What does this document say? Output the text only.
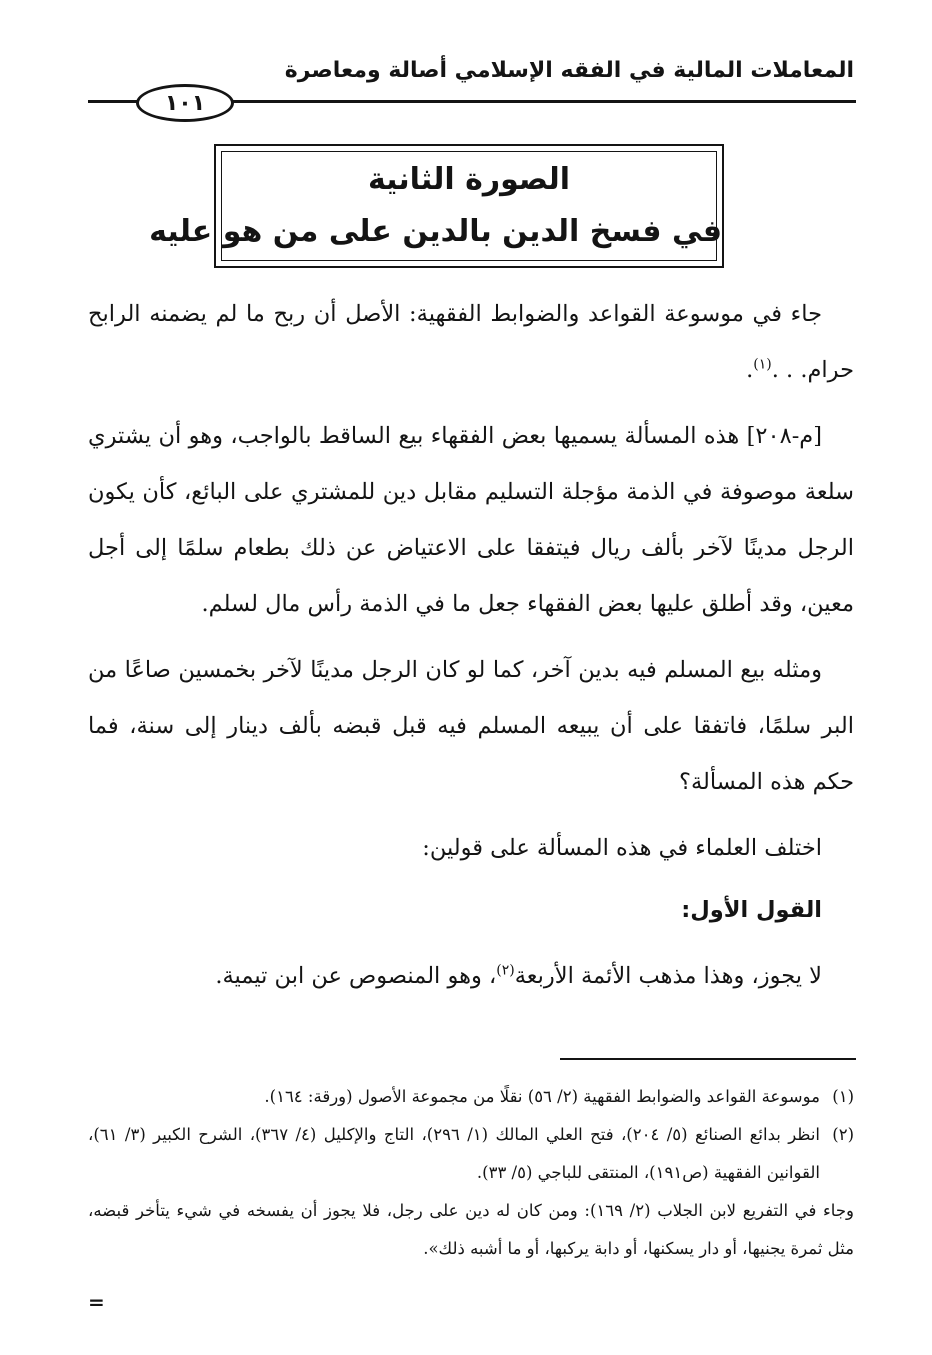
المعاملات المالية في الفقه الإسلامي أصالة ومعاصرة
١٠١
الصورة الثانية
في فسخ الدين بالدين على من هو عليه

جاء في موسوعة القواعد والضوابط الفقهية: الأصل أن ربح ما لم يضمنه الرابح حرام. . .$^{(١)}$.

[م-٢٠٨] هذه المسألة يسميها بعض الفقهاء بيع الساقط بالواجب، وهو أن يشتري سلعة موصوفة في الذمة مؤجلة التسليم مقابل دين للمشتري على البائع، كأن يكون الرجل مدينًا لآخر بألف ريال فيتفقا على الاعتياض عن ذلك بطعام سلمًا إلى أجل معين، وقد أطلق عليها بعض الفقهاء جعل ما في الذمة رأس مال لسلم.

ومثله بيع المسلم فيه بدين آخر، كما لو كان الرجل مدينًا لآخر بخمسين صاعًا من البر سلمًا، فاتفقا على أن يبيعه المسلم فيه قبل قبضه بألف دينار إلى سنة، فما حكم هذه المسألة؟

اختلف العلماء في هذه المسألة على قولين:

القول الأول:

لا يجوز، وهذا مذهب الأئمة الأربعة$^{(٢)}$، وهو المنصوص عن ابن تيمية.

(١)موسوعة القواعد والضوابط الفقهية (٢/ ٥٦) نقلًا من مجموعة الأصول (ورقة: ١٦٤).

(٢)انظر بدائع الصنائع (٥/ ٢٠٤)، فتح العلي المالك (١/ ٢٩٦)، التاج والإكليل (٤/ ٣٦٧)، الشرح الكبير (٣/ ٦١)، القوانين الفقهية (ص١٩١)، المنتقى للباجي (٥/ ٣٣).

وجاء في التفريع لابن الجلاب (٢/ ١٦٩): ومن كان له دين على رجل، فلا يجوز أن يفسخه في شيء يتأخر قبضه، مثل ثمرة يجنيها، أو دار يسكنها، أو دابة يركبها، أو ما أشبه ذلك».

=
